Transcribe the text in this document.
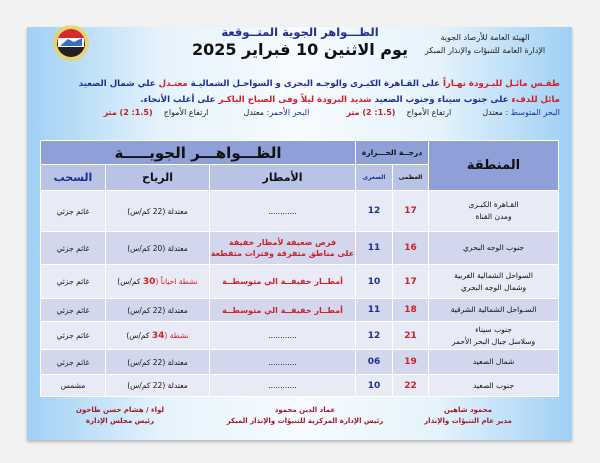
الهيئة العامة للأرصاد الجوية
الإدارة العامة للتنبؤات والإنذار المبكر
الظـــواهر الجوية المتــوقعة
يوم الاثنين 10 فبراير 2025
طقـس مائـل للبـرودة نهـاراً على القـاهرة الكبـرى والوجـه البحرى و السواحـل الشماليـة معتـدل علي شمال الصعيد
مائل للدفء على جنوب سيناء وجنوب الصعيد شديد البرودة ليلاً وفى الصباح الباكـر على أغلب الأنحاء.
البحر المتوسط : معتدل  ارتفاع الأمواج  (1.5: 2) متر  البحر الأحمر: معتدل  ارتفاع الأمواج  (1.5: 2) متر
المنطقة	درجــة الحـــرارة		الظـــواهـــر الجويـــــة		
	العظمى	الصغرى	الأمطار	الرياح	السحب

القـاهرة الكبـرى
ومدن القناة	17	12	............	معتدلة (22 كم/س)	غائم جزئي

جنوب الوجه البحري	16	11	فرص ضعيفة لأمطار خفيفة
على مناطق متفرقة وفترات متقطعة	معتدلة (20 كم/س)	غائم جزئي

السواحل الشمالية الغربية
وشمال الوجه البحري	17	10	أمطــار خفيفــة الي متوسطــة	نشطة احياناً (30 كم/س)	غائم جزئي

السـواحل الشمالية الشرقية	18	11	أمطــار خفيفــة الي متوسطــة	معتدلة (22 كم/س)	غائم جزئي

جنوب سيناء
وسلاسل جبال البحر الأحمر	21	12	............	نشطة (34 كم/س)	غائم جزئي

شمال الصعيد	19	06	............	معتدلة (22 كم/س)	غائم جزئي

جنوب الصعيد	22	10	............	معتدلة (22 كم/س)	مشمس
محمود شاهين
مدير عام التنبؤات والإنذار
عماد الدين محمود
رئيس الإدارة المركزية للتنبؤات والإنذار المبكر
لواء / هشام حسن طاحون
رئيس مجلس الإدارة
